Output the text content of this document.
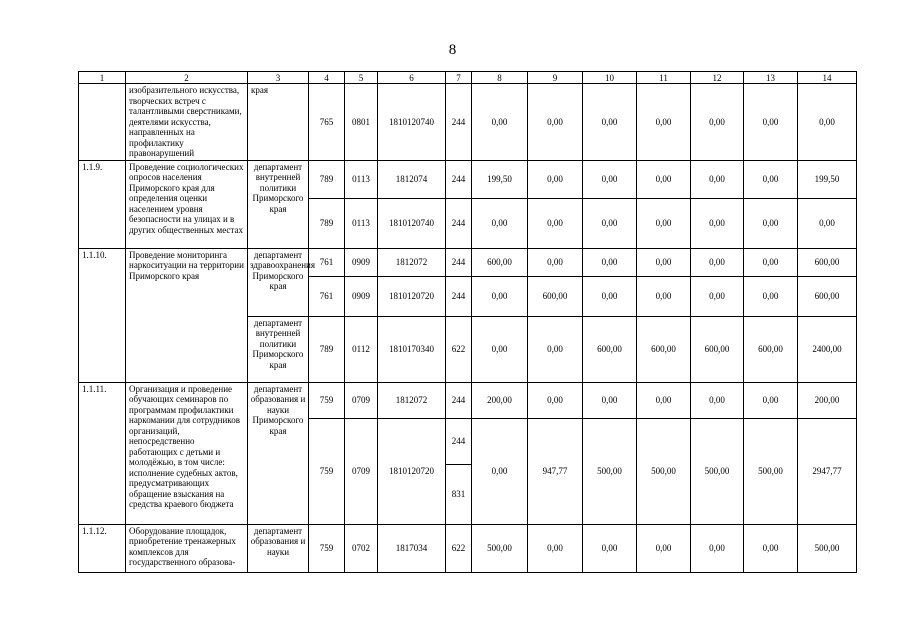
8
1	2	3	4	5	6	7	8	9	10	11	12	13	14
	изобразительного искусства, творческих встреч с талантливыми сверстниками, деятелями искусства, направленных на профилактику правонарушений	края	765	0801	1810120740	244	0,00	0,00	0,00	0,00	0,00	0,00	0,00
1.1.9.	Проведение социологических опросов населения Приморского края для определения оценки населением уровня безопасности на улицах и в других общественных местах	департамент внутренней политики Приморского края	789	0113	1812074	244	199,50	0,00	0,00	0,00	0,00	0,00	199,50
			789	0113	1810120740	244	0,00	0,00	0,00	0,00	0,00	0,00	0,00
1.1.10.	Проведение мониторинга наркоситуации на территории Приморского края	департамент здравоохранения Приморского края	761	0909	1812072	244	600,00	0,00	0,00	0,00	0,00	0,00	600,00
			761	0909	1810120720	244	0,00	600,00	0,00	0,00	0,00	0,00	600,00
		департамент внутренней политики Приморского края	789	0112	1810170340	622	0,00	0,00	600,00	600,00	600,00	600,00	2400,00
1.1.11.	Организация и проведение обучающих семинаров по программам профилактики наркомании для сотрудников организаций, непосредственно работающих с детьми и молодёжью, в том числе: исполнение судебных актов, предусматривающих обращение взыскания на средства краевого бюджета	департамент образования и науки Приморского края	759	0709	1812072	244	200,00	0,00	0,00	0,00	0,00	0,00	200,00
			759	0709	1810120720	244	0,00	947,77	500,00	500,00	500,00	500,00	2947,77
						831							
1.1.12.	Оборудование площадок, приобретение тренажерных комплексов для государственного образова-	департамент образования и науки	759	0702	1817034	622	500,00	0,00	0,00	0,00	0,00	0,00	500,00
